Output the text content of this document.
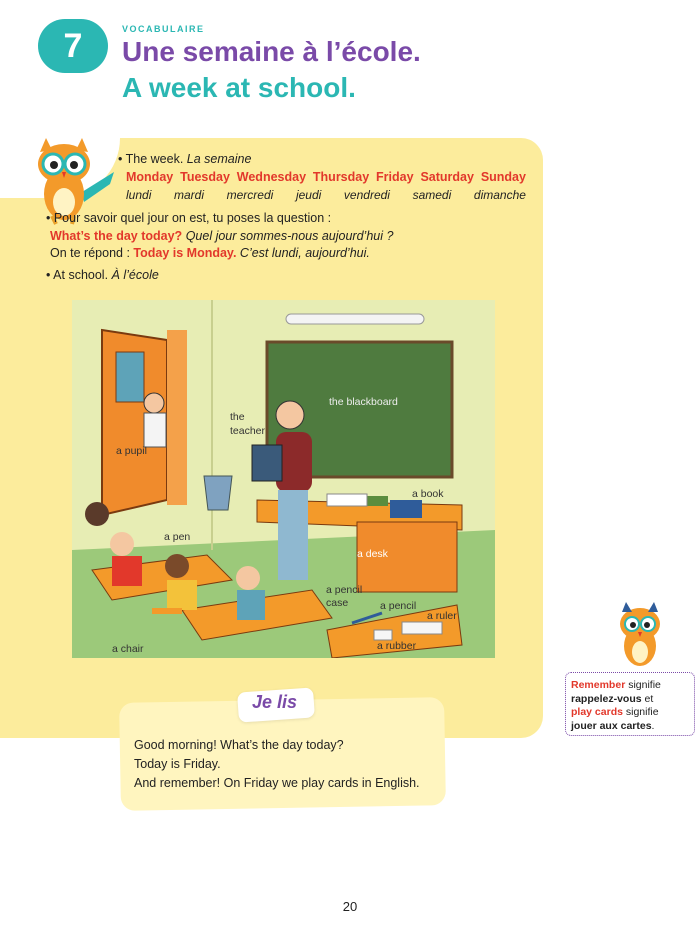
7	VOCABULAIRE
Une semaine à l’école.
A week at school.
• The week. La semaine
Monday Tuesday Wednesday Thursday Friday Saturday Sunday
lundi mardi mercredi jeudi vendredi samedi dimanche
• Pour savoir quel jour on est, tu poses la question :
What’s the day today? Quel jour sommes-nous aujourd’hui ?
On te répond : Today is Monday. C’est lundi, aujourd’hui.
• At school. À l’école
the blackboard
the
teacher
a pupil
a book
a pen
a desk
a pencil
case	a pencil
a ruler
a chair	a rubber
Je lis
Good morning! What’s the day today?
Today is Friday.
And remember! On Friday we play cards in English.
Remember signifie
rappelez-vous et
play cards signifie
jouer aux cartes.
20
